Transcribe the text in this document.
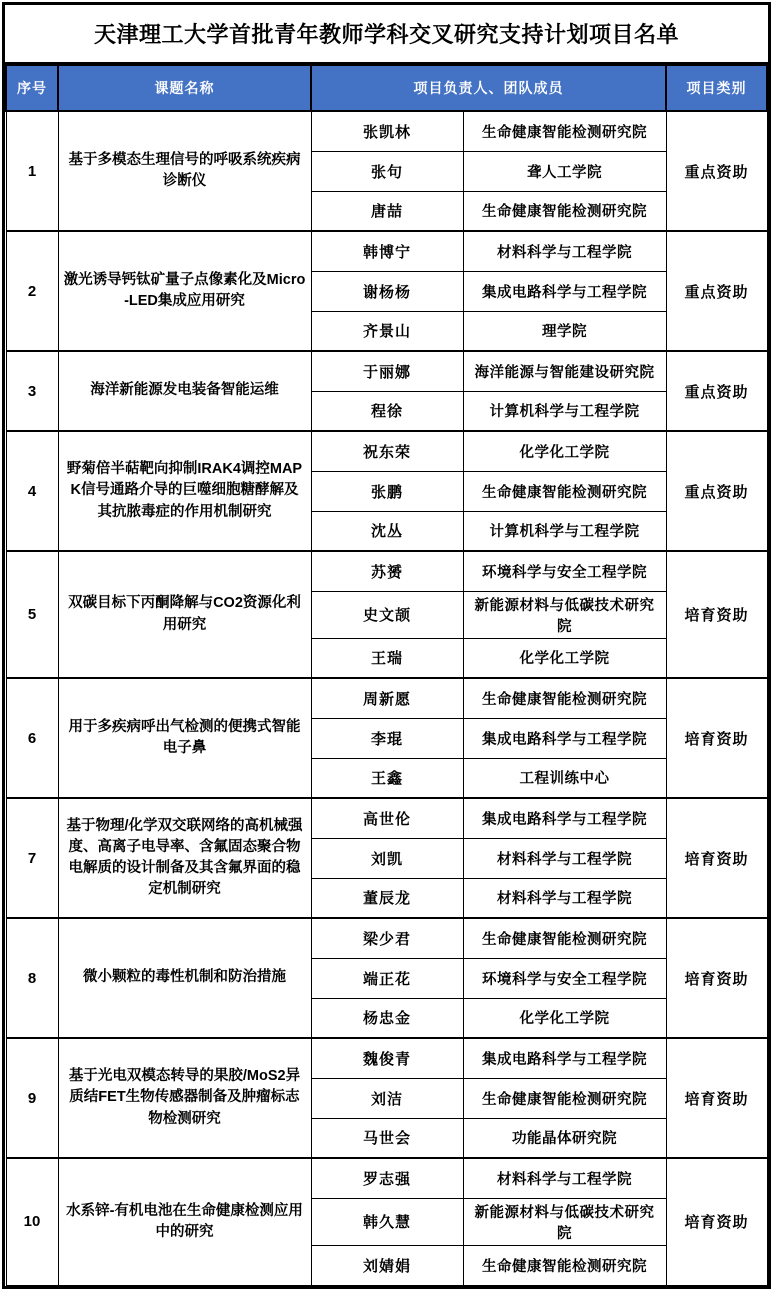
天津理工大学首批青年教师学科交叉研究支持计划项目名单
序号	课题名称	项目负责人、团队成员		项目类别
1	基于多模态生理信号的呼吸系统疾病诊断仪	张凯林	生命健康智能检测研究院	重点资助
		张句	聋人工学院	
		唐喆	生命健康智能检测研究院	
2	激光诱导钙钛矿量子点像素化及Micro-LED集成应用研究	韩博宁	材料科学与工程学院	重点资助
		谢杨杨	集成电路科学与工程学院	
		齐景山	理学院	
3	海洋新能源发电装备智能运维	于丽娜	海洋能源与智能建设研究院	重点资助
		程徐	计算机科学与工程学院	
4	野菊倍半萜靶向抑制IRAK4调控MAPK信号通路介导的巨噬细胞糖酵解及其抗脓毒症的作用机制研究	祝东荣	化学化工学院	重点资助
		张鹏	生命健康智能检测研究院	
		沈丛	计算机科学与工程学院	
5	双碳目标下丙酮降解与CO2资源化利用研究	苏赟	环境科学与安全工程学院	培育资助
		史文颉	新能源材料与低碳技术研究院	
		王瑞	化学化工学院	
6	用于多疾病呼出气检测的便携式智能电子鼻	周新愿	生命健康智能检测研究院	培育资助
		李琨	集成电路科学与工程学院	
		王鑫	工程训练中心	
7	基于物理/化学双交联网络的高机械强度、高离子电导率、含氟固态聚合物电解质的设计制备及其含氟界面的稳定机制研究	高世伦	集成电路科学与工程学院	培育资助
		刘凯	材料科学与工程学院	
		董辰龙	材料科学与工程学院	
8	微小颗粒的毒性机制和防治措施	梁少君	生命健康智能检测研究院	培育资助
		端正花	环境科学与安全工程学院	
		杨忠金	化学化工学院	
9	基于光电双模态转导的果胶/MoS2异质结FET生物传感器制备及肿瘤标志物检测研究	魏俊青	集成电路科学与工程学院	培育资助
		刘洁	生命健康智能检测研究院	
		马世会	功能晶体研究院	
10	水系锌-有机电池在生命健康检测应用中的研究	罗志强	材料科学与工程学院	培育资助
		韩久慧	新能源材料与低碳技术研究院	
		刘婧娟	生命健康智能检测研究院	
